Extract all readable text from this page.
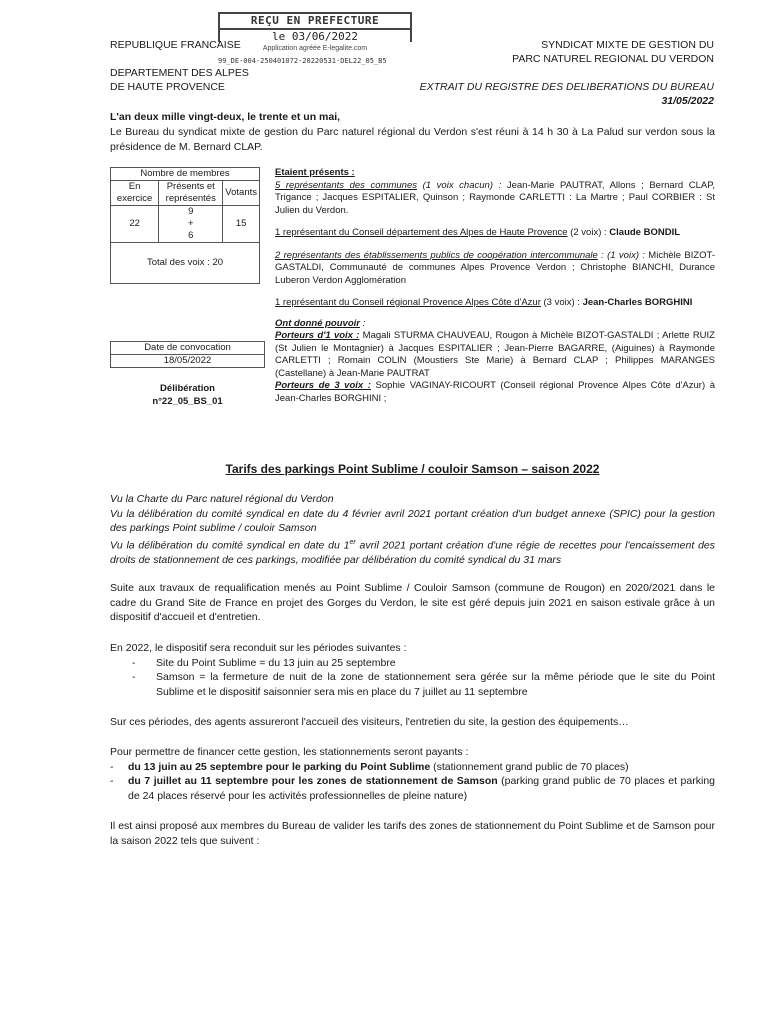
REÇU EN PREFECTURE
le 03/06/2022
Application agréée E-legalite.com
99_DE-004-250401072-20220531-DEL22_05_B5
REPUBLIQUE FRANCAISE
DEPARTEMENT DES ALPES
DE HAUTE PROVENCE
SYNDICAT MIXTE DE GESTION DU
PARC NATUREL REGIONAL DU VERDON
EXTRAIT DU REGISTRE DES DELIBERATIONS DU BUREAU
31/05/2022
L'an deux mille vingt-deux, le trente et un mai,
Le Bureau du syndicat mixte de gestion du Parc naturel régional du Verdon s'est réuni à 14 h 30 à La Palud sur verdon sous la présidence de M. Bernard CLAP.
Nombre de membres		
En exercice	Présents et représentés	Votants
22	9
+
6	15
Total des voix : 20		
Date de convocation
18/05/2022
Délibération
n°22_05_BS_01
Etaient présents :
5 représentants des communes (1 voix chacun) : Jean-Marie PAUTRAT, Allons ; Bernard CLAP, Trigance ; Jacques ESPITALIER, Quinson ; Raymonde CARLETTI : La Martre ; Paul CORBIER : St Julien du Verdon.
1 représentant du Conseil département des Alpes de Haute Provence (2 voix) : Claude BONDIL
2 représentants des établissements publics de coopération intercommunale : (1 voix) : Michèle BIZOT-GASTALDI, Communauté de communes Alpes Provence Verdon ; Christophe BIANCHI, Durance Luberon Verdon Agglomération
1 représentant du Conseil régional Provence Alpes Côte d'Azur (3 voix) : Jean-Charles BORGHINI
Ont donné pouvoir :
Porteurs d'1 voix : Magali STURMA CHAUVEAU, Rougon à Michèle BIZOT-GASTALDI ; Arlette RUIZ (St Julien le Montagnier) à Jacques ESPITALIER ; Jean-Pierre BAGARRE, (Aiguines) à Raymonde CARLETTI ; Romain COLIN (Moustiers Ste Marie) à Bernard CLAP ; Philippes MARANGES (Castellane) à Jean-Marie PAUTRAT
Porteurs de 3 voix : Sophie VAGINAY-RICOURT (Conseil régional Provence Alpes Côte d'Azur) à Jean-Charles BORGHINI ;
Tarifs des parkings Point Sublime / couloir Samson – saison 2022
Vu la Charte du Parc naturel régional du Verdon
Vu la délibération du comité syndical en date du 4 février avril 2021 portant création d'un budget annexe (SPIC) pour la gestion des parkings Point sublime / couloir Samson
Vu la délibération du comité syndical en date du 1er avril 2021 portant création d'une régie de recettes pour l'encaissement des droits de stationnement de ces parkings, modifiée par délibération du comité syndical du 31 mars
Suite aux travaux de requalification menés au Point Sublime / Couloir Samson (commune de Rougon) en 2020/2021 dans le cadre du Grand Site de France en projet des Gorges du Verdon, le site est géré depuis juin 2021 en saison estivale grâce à un dispositif d'accueil et d'entretien.
En 2022, le dispositif sera reconduit sur les périodes suivantes :
- Site du Point Sublime = du 13 juin au 25 septembre
- Samson = la fermeture de nuit de la zone de stationnement sera gérée sur la même période que le site du Point Sublime et le dispositif saisonnier sera mis en place du 7 juillet au 11 septembre
Sur ces périodes, des agents assureront l'accueil des visiteurs, l'entretien du site, la gestion des équipements…
Pour permettre de financer cette gestion, les stationnements seront payants :
- du 13 juin au 25 septembre pour le parking du Point Sublime (stationnement grand public de 70 places)
- du 7 juillet au 11 septembre pour les zones de stationnement de Samson (parking grand public de 70 places et parking de 24 places réservé pour les activités professionnelles de pleine nature)
Il est ainsi proposé aux membres du Bureau de valider les tarifs des zones de stationnement du Point Sublime et de Samson pour la saison 2022 tels que suivent :
